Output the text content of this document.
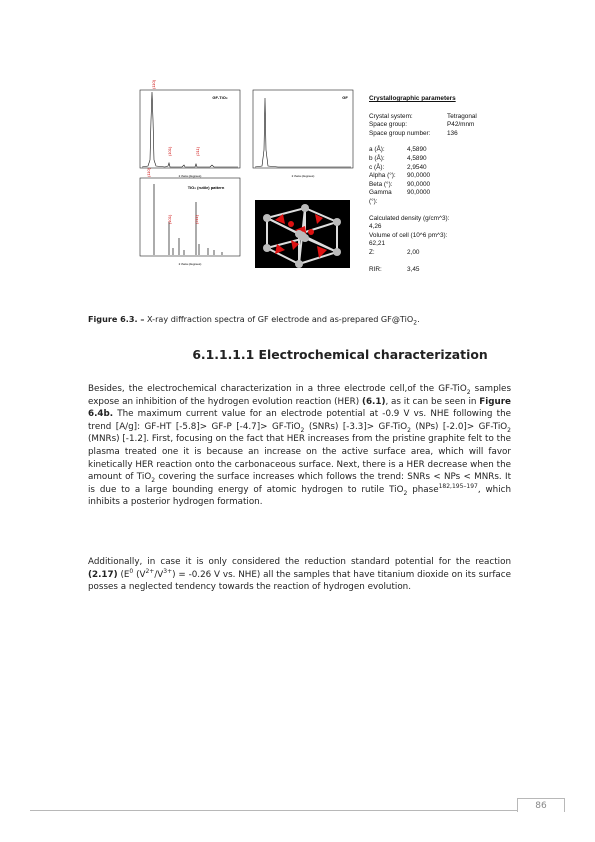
GF-TiO₂
(110)
(101)	(211)
2 theta (degrees)
GF
2 theta (degrees)
TiO₂ (rutile) pattern
(110)
(101)	(211)
2 theta (degrees)
Crystallographic parameters
Crystal system:	Tetragonal
Space group:	P42/mnm
Space group number:	136
a (Å):	4,5890
b (Å):	4,5890
c (Å):	2,9540
Alpha (°):	90,0000
Beta (°):	90,0000
Gamma (°):
90,0000
Calculated density (g/cm^3):
4,26
Volume of cell (10^6 pm^3):
62,21
Z:	2,00
RIR:	3,45
Figure 6.3. – X-ray diffraction spectra of GF electrode and as-prepared GF@TiO$_2$.
6.1.1.1.1 Electrochemical characterization
Besides, the electrochemical characterization in a three electrode cell,of the GF-TiO$_2$ samples expose an inhibition of the hydrogen evolution reaction (HER) (6.1), as it can be seen in Figure 6.4b. The maximum current value for an electrode potential at -0.9 V vs. NHE following the trend [A/g]: GF-HT [-5.8]> GF-P [-4.7]> GF-TiO$_2$ (SNRs) [-3.3]> GF-TiO$_2$ (NPs) [-2.0]> GF-TiO$_2$ (MNRs) [-1.2]. First, focusing on the fact that HER increases from the pristine graphite felt to the plasma treated one it is because an increase on the active surface area, which will favor kinetically HER reaction onto the carbonaceous surface. Next, there is a HER decrease when the amount of TiO$_2$ covering the surface increases which follows the trend: SNRs < NPs < MNRs. It is due to a large bounding energy of atomic hydrogen to rutile TiO$_2$ phase$^{182,195-197}$, which inhibits a posterior hydrogen formation.
Additionally, in case it is only considered the reduction standard potential for the reaction (2.17) ($E^0$ $(V^{2+}/V^{3+}) = -0.26$ V vs. NHE) all the samples that have titanium dioxide on its surface posses a neglected tendency towards the reaction of hydrogen evolution.
86
